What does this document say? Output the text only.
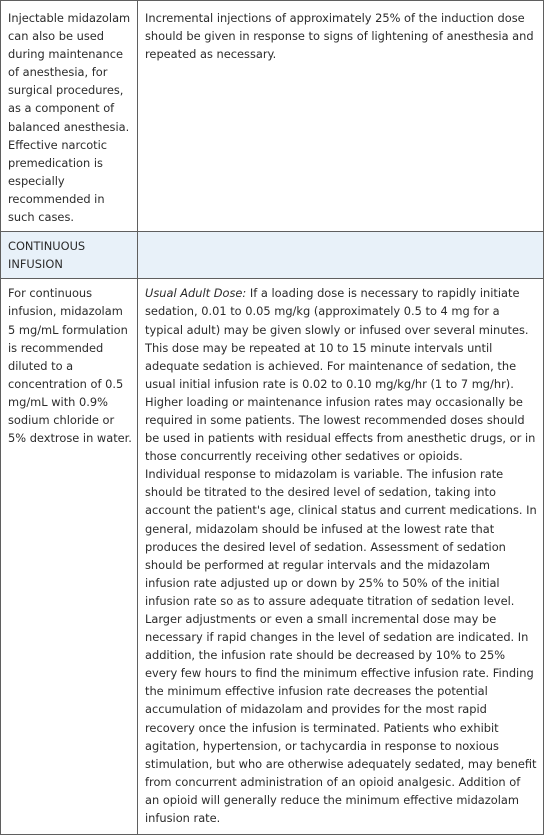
Injectable midazolam can also be used during maintenance of anesthesia, for surgical procedures, as a component of balanced anesthesia. Effective narcotic premedication is especially recommended in such cases.	Incremental injections of approximately 25% of the induction dose should be given in response to signs of lightening of anesthesia and repeated as necessary.
CONTINUOUS INFUSION	
For continuous infusion, midazolam 5 mg/mL formulation is recommended diluted to a concentration of 0.5 mg/mL with 0.9% sodium chloride or 5% dextrose in water.	Usual Adult Dose: If a loading dose is necessary to rapidly initiate sedation, 0.01 to 0.05 mg/kg (approximately 0.5 to 4 mg for a typical adult) may be given slowly or infused over several minutes. This dose may be repeated at 10 to 15 minute intervals until adequate sedation is achieved. For maintenance of sedation, the usual initial infusion rate is 0.02 to 0.10 mg/kg/hr (1 to 7 mg/hr). Higher loading or maintenance infusion rates may occasionally be required in some patients. The lowest recommended doses should be used in patients with residual effects from anesthetic drugs, or in those concurrently receiving other sedatives or opioids.
Individual response to midazolam is variable. The infusion rate should be titrated to the desired level of sedation, taking into account the patient's age, clinical status and current medications. In general, midazolam should be infused at the lowest rate that produces the desired level of sedation. Assessment of sedation should be performed at regular intervals and the midazolam infusion rate adjusted up or down by 25% to 50% of the initial infusion rate so as to assure adequate titration of sedation level. Larger adjustments or even a small incremental dose may be necessary if rapid changes in the level of sedation are indicated. In addition, the infusion rate should be decreased by 10% to 25% every few hours to find the minimum effective infusion rate. Finding the minimum effective infusion rate decreases the potential accumulation of midazolam and provides for the most rapid recovery once the infusion is terminated. Patients who exhibit agitation, hypertension, or tachycardia in response to noxious stimulation, but who are otherwise adequately sedated, may benefit from concurrent administration of an opioid analgesic. Addition of an opioid will generally reduce the minimum effective midazolam infusion rate.
